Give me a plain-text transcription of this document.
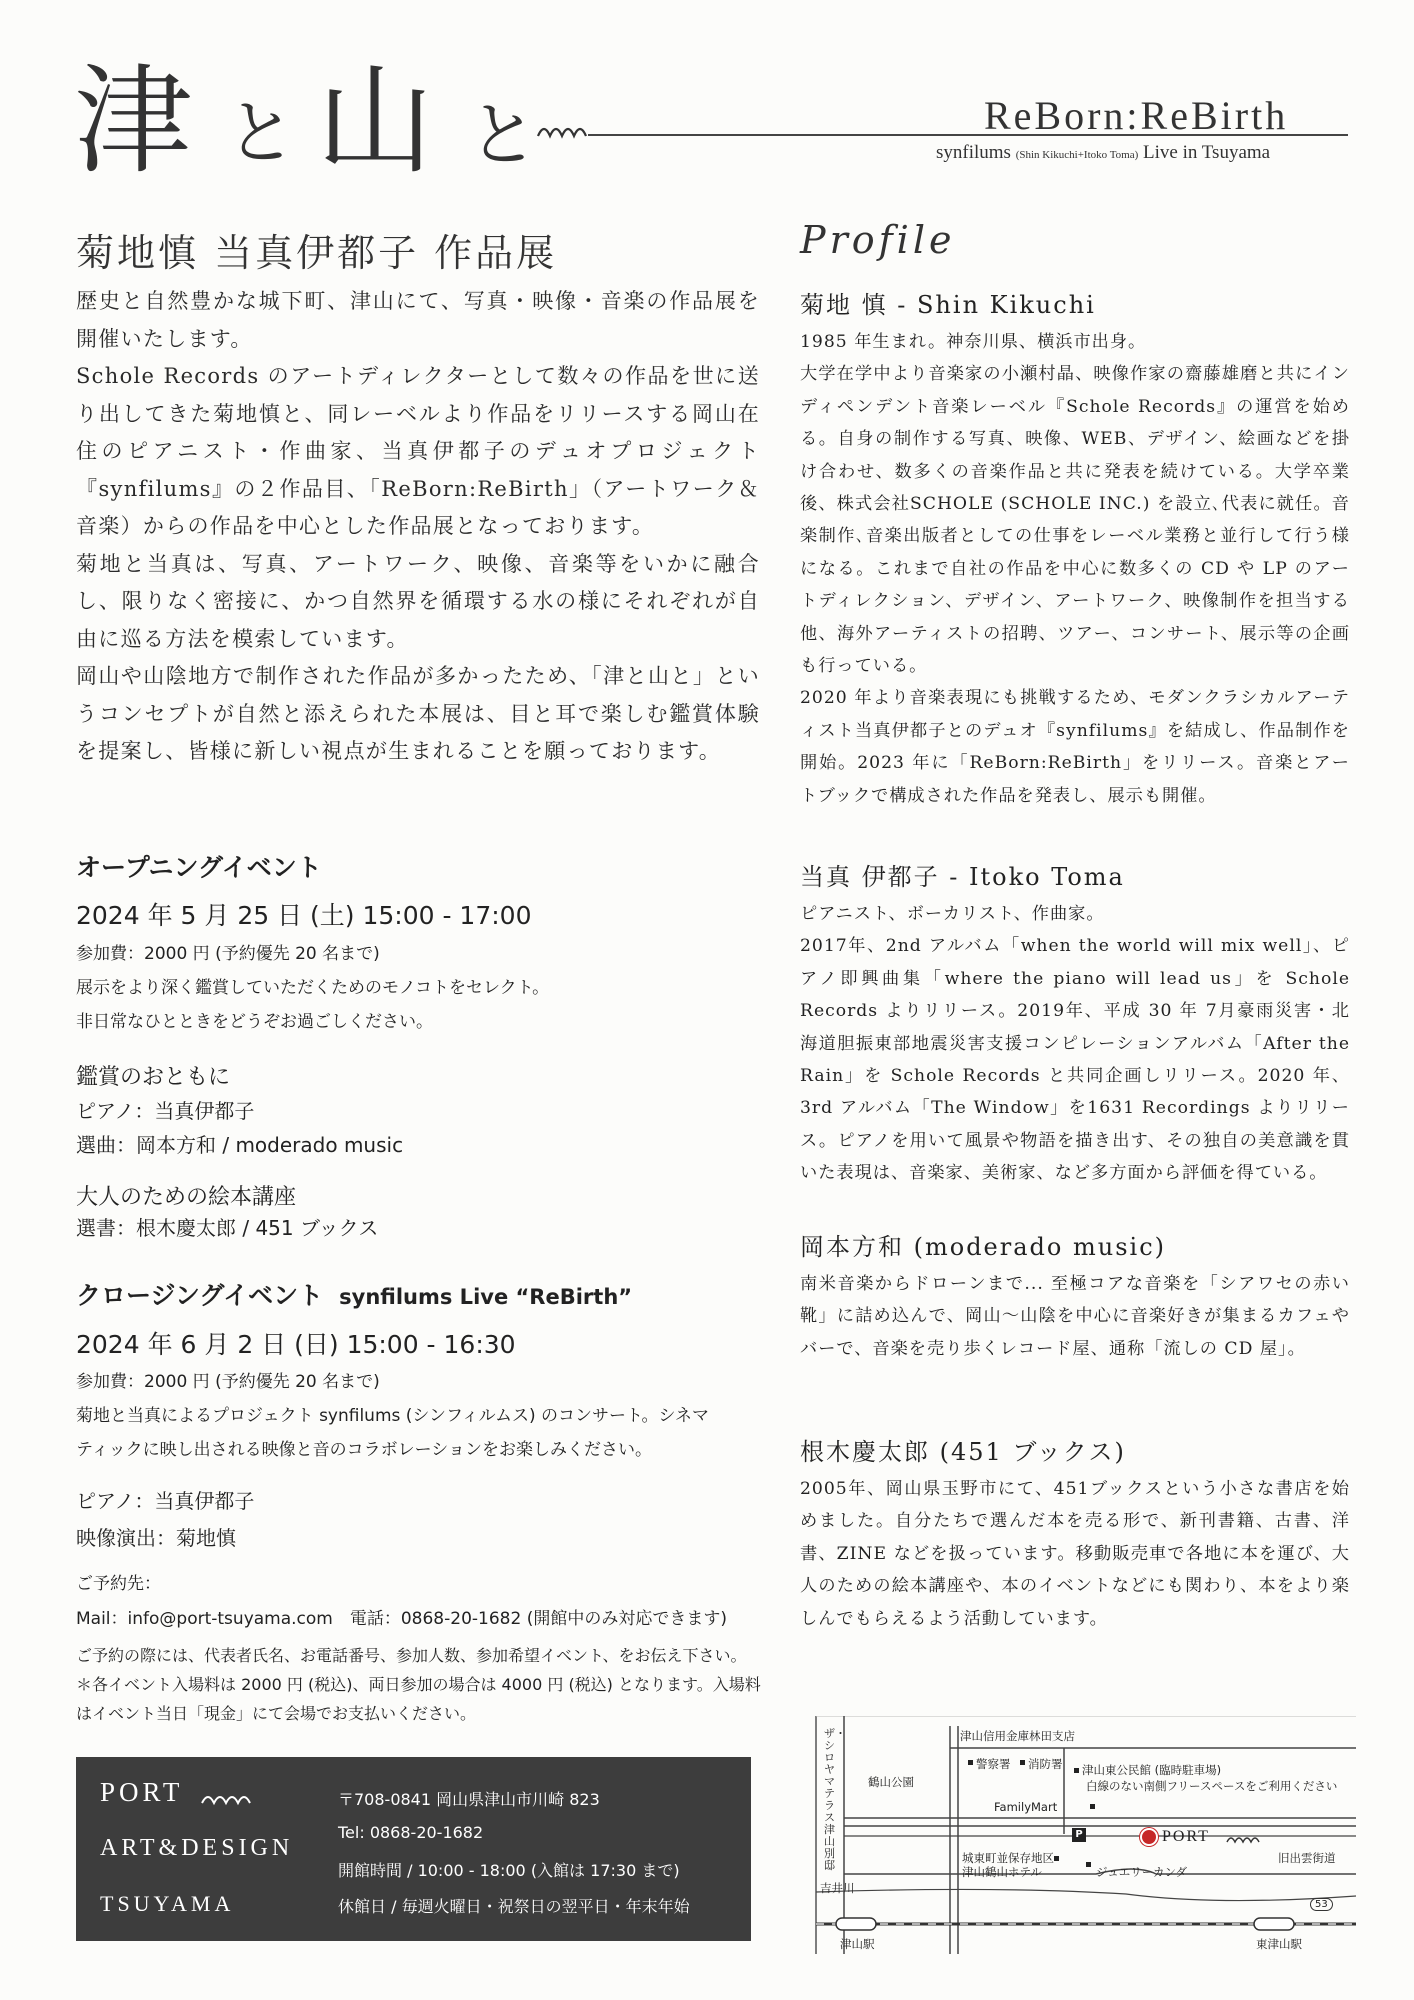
津 と 山 と	ReBorn:ReBirth
synfilums (Shin Kikuchi+Itoko Toma) Live in Tsuyama
菊地慎 当真伊都子 作品展

歴史と自然豊かな城下町、津山にて、写真・映像・音楽の作品展を開催いたします。

Schole Records のアートディレクターとして数々の作品を世に送り出してきた菊地慎と、同レーベルより作品をリリースする岡山在住のピアニスト・作曲家、当真伊都子のデュオプロジェクト『synfilums』の２作品目、「ReBorn:ReBirth」（アートワーク＆音楽）からの作品を中心とした作品展となっております。

菊地と当真は、写真、アートワーク、映像、音楽等をいかに融合し、限りなく密接に、かつ自然界を循環する水の様にそれぞれが自由に巡る方法を模索しています。

岡山や山陰地方で制作された作品が多かったため、「津と山と」というコンセプトが自然と添えられた本展は、目と耳で楽しむ鑑賞体験を提案し、皆様に新しい視点が生まれることを願っております。

オープニングイベント
2024 年 5 月 25 日 (土) 15:00 - 17:00
参加費：2000 円 (予約優先 20 名まで)
展示をより深く鑑賞していただくためのモノコトをセレクト。
非日常なひとときをどうぞお過ごしください。
鑑賞のおともに
ピアノ：当真伊都子
選曲：岡本方和 / moderado music
大人のための絵本講座
選書：根木慶太郎 / 451 ブックス
クロージングイベント synfilums Live “ReBirth”
2024 年 6 月 2 日 (日) 15:00 - 16:30
参加費：2000 円 (予約優先 20 名まで)
菊地と当真によるプロジェクト synfilums (シンフィルムス) のコンサート。シネマ
ティックに映し出される映像と音のコラボレーションをお楽しみください。
ピアノ：当真伊都子
映像演出：菊地慎
ご予約先：
Mail：info@port-tsuyama.com　電話：0868-20-1682 (開館中のみ対応できます)
ご予約の際には、代表者氏名、お電話番号、参加人数、参加希望イベント、をお伝え下さい。
＊各イベント入場料は 2000 円 (税込)、両日参加の場合は 4000 円 (税込) となります。入場料
はイベント当日「現金」にて会場でお支払いください。
PORT
ART&DESIGN
TSUYAMA
〒708-0841 岡山県津山市川崎 823
Tel: 0868-20-1682
開館時間 / 10:00 - 18:00 (入館は 17:30 まで)
休館日 / 毎週火曜日・祝祭日の翌平日・年末年始
Profile
菊地 慎 - Shin Kikuchi

1985 年生まれ。神奈川県、横浜市出身。

大学在学中より音楽家の小瀬村晶、映像作家の齋藤雄磨と共にインディペンデント音楽レーベル『Schole Records』の運営を始める。自身の制作する写真、映像、WEB、デザイン、絵画などを掛け合わせ、数多くの音楽作品と共に発表を続けている。大学卒業後、株式会社SCHOLE (SCHOLE INC.) を設立､代表に就任。音楽制作､音楽出版者としての仕事をレーベル業務と並行して行う様になる。これまで自社の作品を中心に数多くの CD や LP のアートディレクション、デザイン、アートワーク、映像制作を担当する他、海外アーティストの招聘、ツアー、コンサート、展示等の企画も行っている。

2020 年より音楽表現にも挑戦するため、モダンクラシカルアーティスト当真伊都子とのデュオ『synfilums』を結成し、作品制作を開始。2023 年に「ReBorn:ReBirth」をリリース。音楽とアートブックで構成された作品を発表し、展示も開催。

当真 伊都子 - Itoko Toma

ピアニスト、ボーカリスト、作曲家。

2017年、2nd アルバム「when the world will mix well」、ピアノ即興曲集「where the piano will lead us」を Schole Records よりリリース。2019年、平成 30 年 7月豪雨災害・北海道胆振東部地震災害支援コンピレーションアルバム「After the Rain」を Schole Records と共同企画しリリース。2020 年、3rd アルバム「The Window」を1631 Recordings よりリリース。ピアノを用いて風景や物語を描き出す、その独自の美意識を貫いた表現は、音楽家、美術家、など多方面から評価を得ている。

岡本方和 (moderado music)

南米音楽からドローンまで... 至極コアな音楽を「シアワセの赤い靴」に詰め込んで、岡山〜山陰を中心に音楽好きが集まるカフェやバーで、音楽を売り歩くレコード屋、通称「流しの CD 屋」。

根木慶太郎 (451 ブックス)

2005年、岡山県玉野市にて、451ブックスという小さな書店を始めました。自分たちで選んだ本を売る形で、新刊書籍、古書、洋書、ZINE などを扱っています。移動販売車で各地に本を運び、大人のための絵本講座や、本のイベントなどにも関わり、本をより楽しんでもらえるよう活動しています。

津山信用金庫林田支店
ザ・シロヤマテラス津山別邸
鶴山公園
警察署 消防署 津山東公民館 (臨時駐車場)
白線のない南側フリースペースをご利用ください
FamilyMart
P	PORT
旧出雲街道
城東町並保存地区
津山鶴山ホテル	ジュエリーカンダ
吉井川
53
津山駅	東津山駅
